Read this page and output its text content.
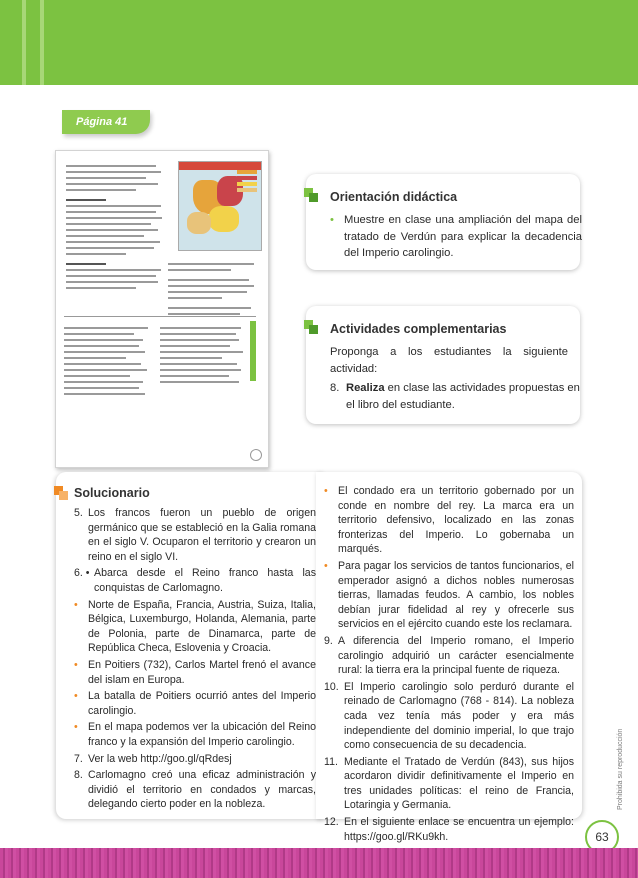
Página 41
Orientación didáctica
• Muestre en clase una ampliación del mapa del tratado de Verdún para explicar la decadencia del Imperio carolingio.
Actividades complementarias
Proponga a los estudiantes la siguiente actividad:
8. Realiza en clase las actividades propuestas en el libro del estudiante.
Solucionario
5. Los francos fueron un pueblo de origen germánico que se estableció en la Galia romana en el siglo V. Ocuparon el territorio y crearon un reino en el siglo VI.
6. • Abarca desde el Reino franco hasta las conquistas de Carlomagno.
• Norte de España, Francia, Austria, Suiza, Italia, Bélgica, Luxemburgo, Holanda, Alemania, parte de Polonia, parte de Dinamarca, parte de República Checa, Eslovenia y Croacia.
• En Poitiers (732), Carlos Martel frenó el avance del islam en Europa.
• La batalla de Poitiers ocurrió antes del Imperio carolingio.
• En el mapa podemos ver la ubicación del Reino franco y la expansión del Imperio carolingio.
7. Ver la web http://goo.gl/qRdesj
8. Carlomagno creó una eficaz administración y dividió el territorio en condados y marcas, delegando cierto poder en la nobleza.
• El condado era un territorio gobernado por un conde en nombre del rey. La marca era un territorio defensivo, localizado en las zonas fronterizas del Imperio. Lo gobernaba un marqués.
• Para pagar los servicios de tantos funcionarios, el emperador asignó a dichos nobles numerosas tierras, llamadas feudos. A cambio, los nobles debían jurar fidelidad al rey y ofrecerle sus servicios en el ejército cuando este los reclamara.
9. A diferencia del Imperio romano, el Imperio carolingio adquirió un carácter esencialmente rural: la tierra era la principal fuente de riqueza.
10. El Imperio carolingio solo perduró durante el reinado de Carlomagno (768 - 814). La nobleza cada vez tenía más poder y era más independiente del dominio imperial, lo que trajo como consecuencia de su decadencia.
11. Mediante el Tratado de Verdún (843), sus hijos acordaron dividir definitivamente el Imperio en tres unidades políticas: el reino de Francia, Lotaringia y Germania.
12. En el siguiente enlace se encuentra un ejemplo: https://goo.gl/RKu9kh.
Prohibida su reproducción
63
